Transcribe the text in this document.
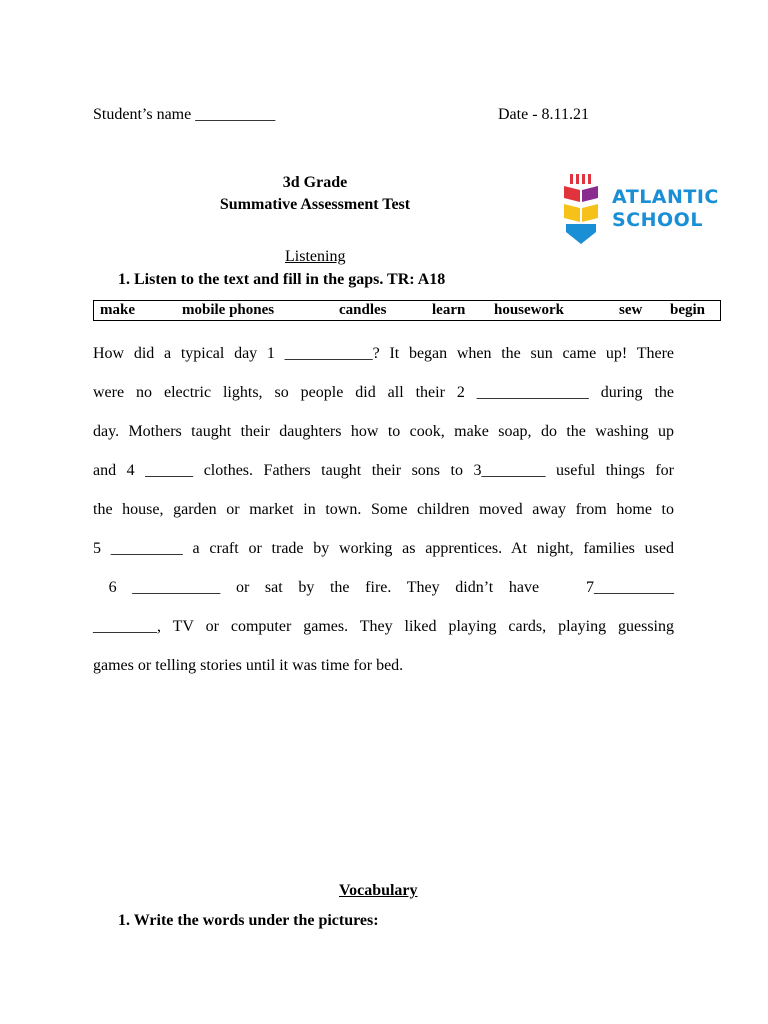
Student’s name __________	Date - 8.11.21
3d Grade
Summative Assessment Test	ATLANTIC
SCHOOL
Listening
1. Listen to the text and fill in the gaps. TR: A18
make	mobile phones	candles	learn housework	sew begin
How did a typical day 1 ___________? It began when the sun came up! There
were no electric lights, so people did all their 2 ______________ during the
day. Mothers taught their daughters how to cook, make soap, do the washing up
and 4 ______ clothes. Fathers taught their sons to 3________ useful things for
the house, garden or market in town. Some children moved away from home to
5 _________ a craft or trade by working as apprentices. At night, families used
6  ___________  or  sat  by  the  fire.  They  didn’t  have      7__________
________, TV or computer games. They liked playing cards, playing guessing
games or telling stories until it was time for bed.
Vocabulary
1. Write the words under the pictures:
